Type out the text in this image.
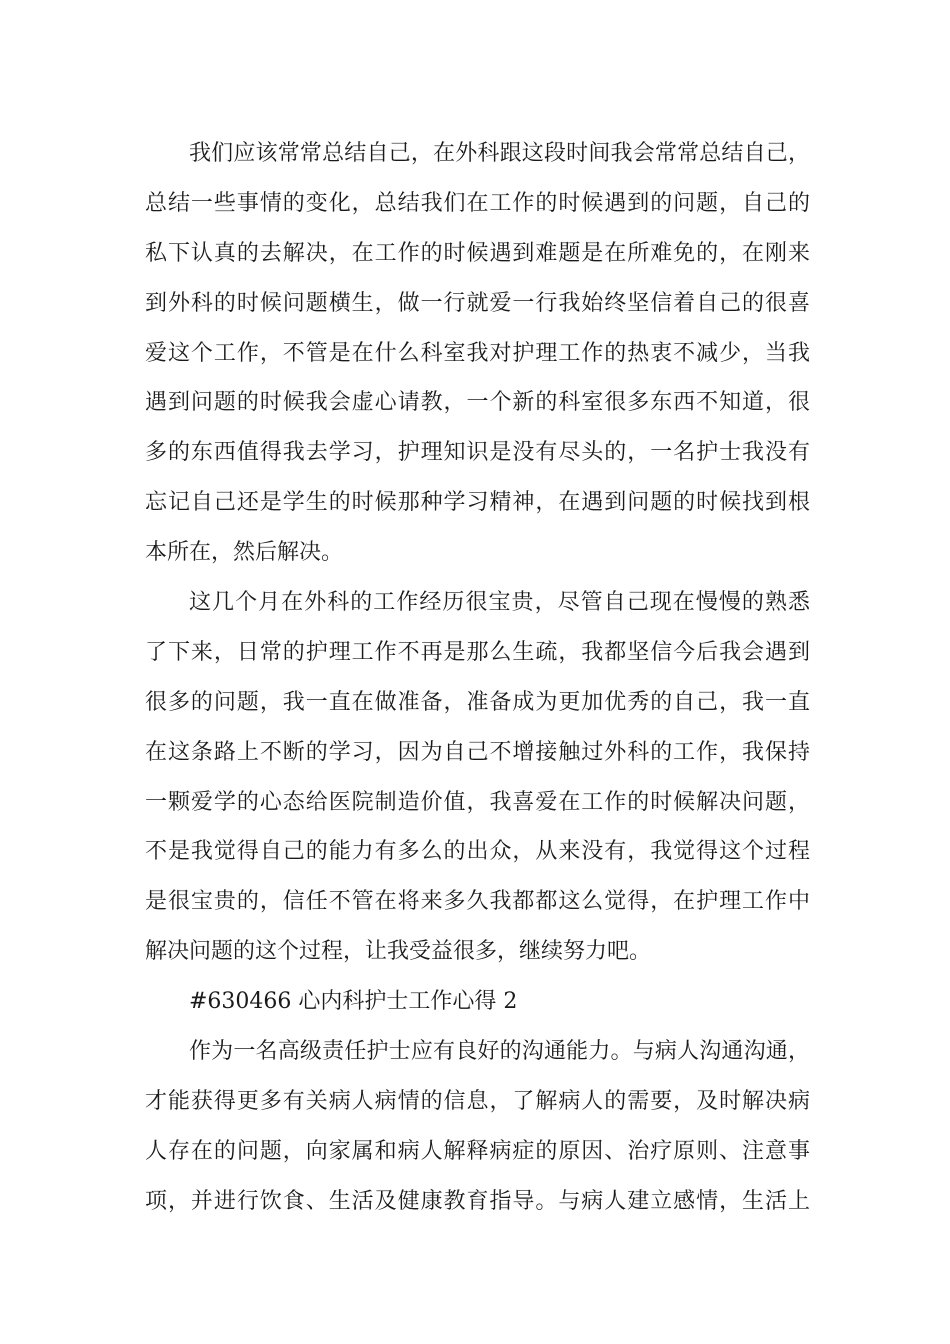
我们应该常常总结自己，在外科跟这段时间我会常常总结自己，
总结一些事情的变化，总结我们在工作的时候遇到的问题，自己的
私下认真的去解决，在工作的时候遇到难题是在所难免的，在刚来
到外科的时候问题横生，做一行就爱一行我始终坚信着自己的很喜
爱这个工作，不管是在什么科室我对护理工作的热衷不减少，当我
遇到问题的时候我会虚心请教，一个新的科室很多东西不知道，很
多的东西值得我去学习，护理知识是没有尽头的，一名护士我没有
忘记自己还是学生的时候那种学习精神，在遇到问题的时候找到根
本所在，然后解决。
这几个月在外科的工作经历很宝贵，尽管自己现在慢慢的熟悉
了下来，日常的护理工作不再是那么生疏，我都坚信今后我会遇到
很多的问题，我一直在做准备，准备成为更加优秀的自己，我一直
在这条路上不断的学习，因为自己不增接触过外科的工作，我保持
一颗爱学的心态给医院制造价值，我喜爱在工作的时候解决问题，
不是我觉得自己的能力有多么的出众，从来没有，我觉得这个过程
是很宝贵的，信任不管在将来多久我都都这么觉得，在护理工作中
解决问题的这个过程，让我受益很多，继续努力吧。
#630466 心内科护士工作心得 2
作为一名高级责任护士应有良好的沟通能力。与病人沟通沟通，
才能获得更多有关病人病情的信息，了解病人的需要，及时解决病
人存在的问题，向家属和病人解释病症的原因、治疗原则、注意事
项，并进行饮食、生活及健康教育指导。与病人建立感情，生活上
